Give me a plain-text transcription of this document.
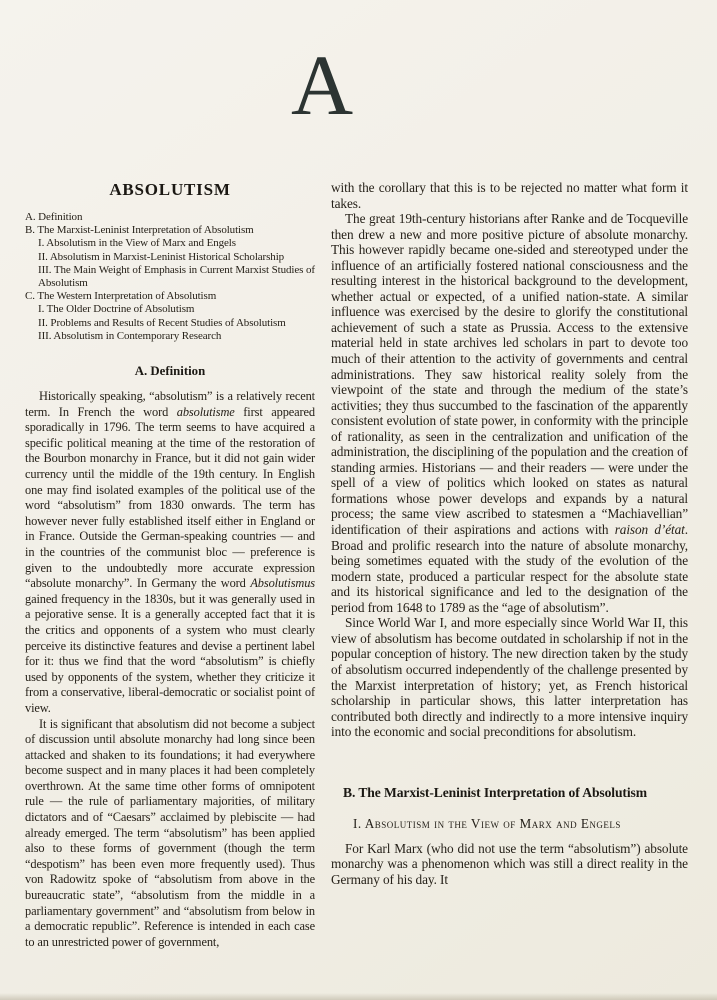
A
ABSOLUTISM
A. Definition
B. The Marxist-Leninist Interpretation of Absolutism
I. Absolutism in the View of Marx and Engels
II. Absolutism in Marxist-Leninist Historical Scholarship
III. The Main Weight of Emphasis in Current Marxist Studies of Absolutism
C. The Western Interpretation of Absolutism
I. The Older Doctrine of Absolutism
II. Problems and Results of Recent Studies of Absolutism
III. Absolutism in Contemporary Research
A. Definition

Historically speaking, “absolutism” is a relatively recent term. In French the word absolutisme first appeared sporadically in 1796. The term seems to have acquired a specific political meaning at the time of the restoration of the Bourbon monarchy in France, but it did not gain wider currency until the middle of the 19th century. In English one may find isolated examples of the political use of the word “absolutism” from 1830 onwards. The term has however never fully established itself either in England or in France. Outside the German-speaking countries — and in the countries of the communist bloc — preference is given to the undoubtedly more accurate expression “absolute monarchy”. In Germany the word Absolutismus gained frequency in the 1830s, but it was generally used in a pejorative sense. It is a generally accepted fact that it is the critics and opponents of a system who must clearly perceive its distinctive features and devise a pertinent label for it: thus we find that the word “absolutism” is chiefly used by opponents of the system, whether they criticize it from a conservative, liberal-democratic or socialist point of view.

It is significant that absolutism did not become a subject of discussion until absolute monarchy had long since been attacked and shaken to its foundations; it had everywhere become suspect and in many places it had been completely overthrown. At the same time other forms of omnipotent rule — the rule of parliamentary majorities, of military dictators and of “Caesars” acclaimed by plebiscite — had already emerged. The term “absolutism” has been applied also to these forms of government (though the term “despotism” has been even more frequently used). Thus von Radowitz spoke of “absolutism from above in the bureaucratic state”, “absolutism from the middle in a parliamentary government” and “absolutism from below in a democratic republic”. Reference is intended in each case to an unrestricted power of government,

with the corollary that this is to be rejected no matter what form it takes.

The great 19th-century historians after Ranke and de Tocqueville then drew a new and more positive picture of absolute monarchy. This however rapidly became one-sided and stereotyped under the influence of an artificially fostered national consciousness and the resulting interest in the historical background to the development, whether actual or expected, of a unified nation-state. A similar influence was exercised by the desire to glorify the constitutional achievement of such a state as Prussia. Access to the extensive material held in state archives led scholars in part to devote too much of their attention to the activity of governments and central administrations. They saw historical reality solely from the viewpoint of the state and through the medium of the state’s activities; they thus succumbed to the fascination of the apparently consistent evolution of state power, in conformity with the principle of rationality, as seen in the centralization and unification of the administration, the disciplining of the population and the creation of standing armies. Historians — and their readers — were under the spell of a view of politics which looked on states as natural formations whose power develops and expands by a natural process; the same view ascribed to statesmen a “Machiavellian” identification of their aspirations and actions with raison d’état. Broad and prolific research into the nature of absolute monarchy, being sometimes equated with the study of the evolution of the modern state, produced a particular respect for the absolute state and its historical significance and led to the designation of the period from 1648 to 1789 as the “age of absolutism”.

Since World War I, and more especially since World War II, this view of absolutism has become outdated in scholarship if not in the popular conception of history. The new direction taken by the study of absolutism occurred independently of the challenge presented by the Marxist interpretation of history; yet, as French historical scholarship in particular shows, this latter interpretation has contributed both directly and indirectly to a more intensive inquiry into the economic and social preconditions for absolutism.

B. The Marxist-Leninist Interpretation of Absolutism
I. Absolutism in the View of Marx and Engels

For Karl Marx (who did not use the term “absolutism”) absolute monarchy was a phenomenon which was still a direct reality in the Germany of his day. It
